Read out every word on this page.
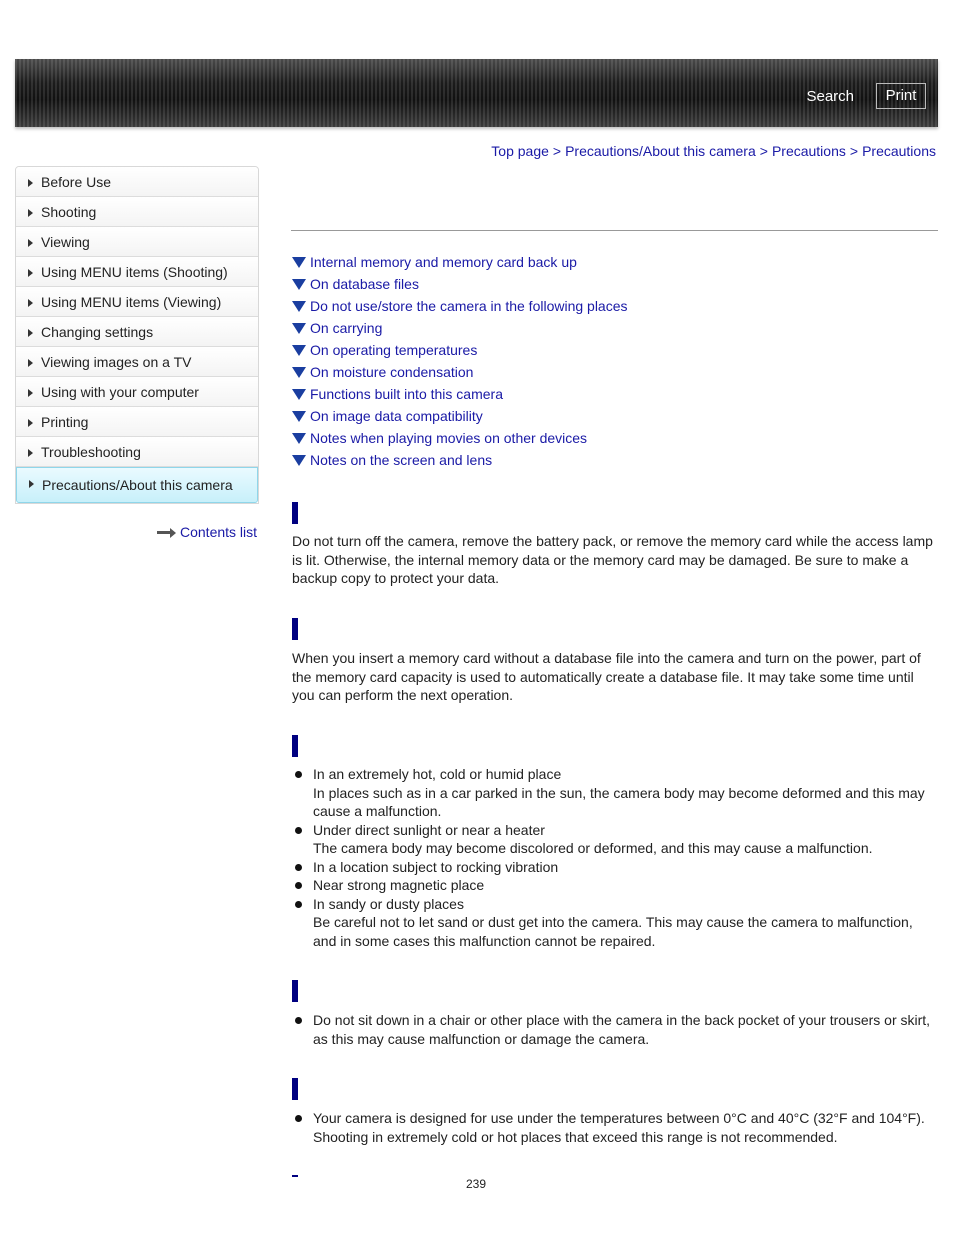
Search	Print
Top page > Precautions/About this camera > Precautions > Precautions
Before Use
Shooting
Viewing
Using MENU items (Shooting)
Using MENU items (Viewing)
Changing settings
Viewing images on a TV
Using with your computer
Printing
Troubleshooting
Precautions/About this camera
Contents list
Internal memory and memory card back up
On database files
Do not use/store the camera in the following places
On carrying
On operating temperatures
On moisture condensation
Functions built into this camera
On image data compatibility
Notes when playing movies on other devices
Notes on the screen and lens
Do not turn off the camera, remove the battery pack, or remove the memory card while the access lamp is lit. Otherwise, the internal memory data or the memory card may be damaged. Be sure to make a backup copy to protect your data.
When you insert a memory card without a database file into the camera and turn on the power, part of the memory card capacity is used to automatically create a database file. It may take some time until you can perform the next operation.
In an extremely hot, cold or humid place
In places such as in a car parked in the sun, the camera body may become deformed and this may cause a malfunction.
Under direct sunlight or near a heater
The camera body may become discolored or deformed, and this may cause a malfunction.
In a location subject to rocking vibration
Near strong magnetic place
In sandy or dusty places
Be careful not to let sand or dust get into the camera. This may cause the camera to malfunction, and in some cases this malfunction cannot be repaired.
Do not sit down in a chair or other place with the camera in the back pocket of your trousers or skirt, as this may cause malfunction or damage the camera.
Your camera is designed for use under the temperatures between 0°C and 40°C (32°F and 104°F). Shooting in extremely cold or hot places that exceed this range is not recommended.
239
